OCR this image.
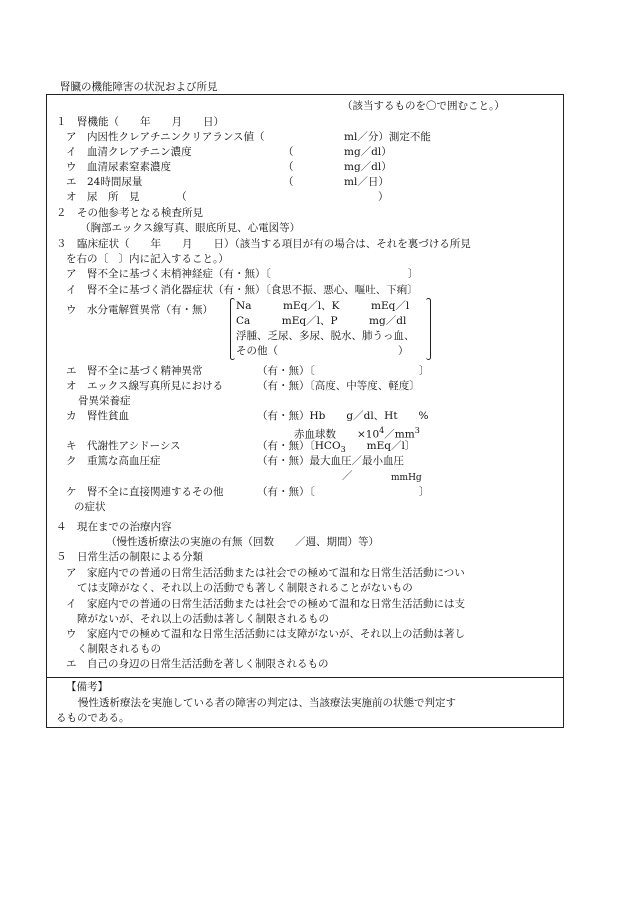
腎臓の機能障害の状況および所見
（該当するものを〇で囲むこと。）
１　腎機能（　　年　　月　　日）
ア　内因性クレアチニンクリアランス値（	ml／分）測定不能
イ　血清クレアチニン濃度	（	mg／dl）
ウ　血清尿素窒素濃度	（	mg／dl）
エ　24時間尿量	（	ml／日）
オ　尿　所　見　　　　（	）
２　その他参考となる検査所見
（胸部エックス線写真、眼底所見、心電図等）
３　臨床症状（　　年　　月　　日）（該当する項目が有の場合は、それを裏づける所見
を右の〔　〕内に記入すること。）
ア　腎不全に基づく末梢神経症（有・無）〔	〕
イ　腎不全に基づく消化器症状（有・無）〔食思不振、悪心、嘔吐、下痢〕
ウ　水分電解質異常（有・無） Na　　　mEq／l、K　　　mEq／l
Ca　　　mEq／l、P　　　mg／dl
浮腫、乏尿、多尿、脱水、肺うっ血、
その他（	）
エ　腎不全に基づく精神異常	（有・無）〔	〕
オ　エックス線写真所見における	（有・無）〔高度、中等度、軽度〕
骨異栄養症
カ　腎性貧血	（有・無）Hb　　g／dl、Ht　　%
赤血球数　　$\times 10^4/mm^3$
キ　代謝性アシドーシス	（有・無）〔$HCO_3$　　mEq／l〕
ク　重篤な高血圧症	（有・無）最大血圧／最小血圧
／	mmHg
ケ　腎不全に直接関連するその他	（有・無）〔	〕
の症状
４　現在までの治療内容
（慢性透析療法の実施の有無（回数　　／週、期間）等）
５　日常生活の制限による分類
ア　家庭内での普通の日常生活活動または社会での極めて温和な日常生活活動につい
ては支障がなく、それ以上の活動でも著しく制限されることがないもの
イ　家庭内での普通の日常生活活動または社会での極めて温和な日常生活活動には支
障がないが、それ以上の活動は著しく制限されるもの
ウ　家庭内での極めて温和な日常生活活動には支障がないが、それ以上の活動は著し
く制限されるもの
エ　自己の身辺の日常生活活動を著しく制限されるもの
【備考】
慢性透析療法を実施している者の障害の判定は、当該療法実施前の状態で判定す
るものである。
